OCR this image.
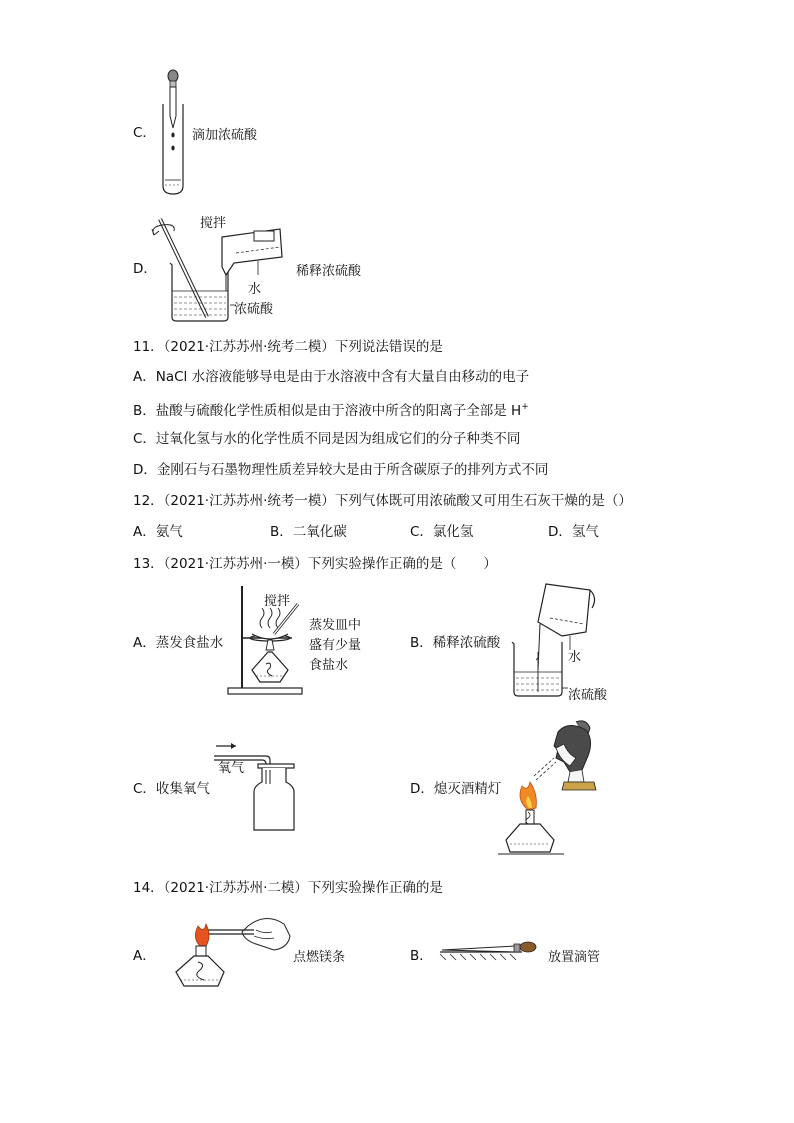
C．	滴加浓硫酸
D．
搅拌
稀释浓硫酸
水
浓硫酸
11．（2021·江苏苏州·统考二模）下列说法错误的是
A．NaCl 水溶液能够导电是由于水溶液中含有大量自由移动的电子
B．盐酸与硫酸化学性质相似是由于溶液中所含的阳离子全部是 H+
C．过氧化氢与水的化学性质不同是因为组成它们的分子种类不同
D．金刚石与石墨物理性质差异较大是由于所含碳原子的排列方式不同
12．（2021·江苏苏州·统考一模）下列气体既可用浓硫酸又可用生石灰干燥的是（）
A．氨气	B．二氧化碳	C．氯化氢	D．氢气
13．（2021·江苏苏州·一模）下列实验操作正确的是（　　）
A．蒸发食盐水
搅拌
蒸发皿中
盛有少量
食盐水
B．稀释浓硫酸
水
浓硫酸
C．收集氧气
氧气
D．熄灭酒精灯
14．（2021·江苏苏州·二模）下列实验操作正确的是
A．	点燃镁条	B．	放置滴管
